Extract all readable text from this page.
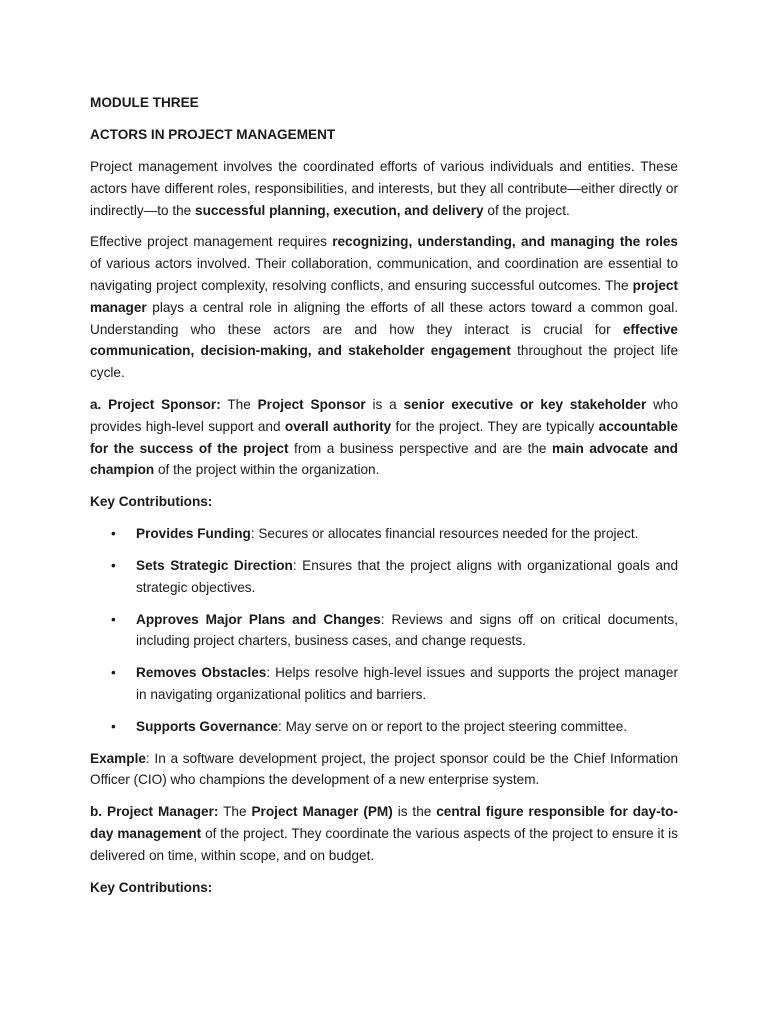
MODULE THREE
ACTORS IN PROJECT MANAGEMENT

Project management involves the coordinated efforts of various individuals and entities. These actors have different roles, responsibilities, and interests, but they all contribute—either directly or indirectly—to the successful planning, execution, and delivery of the project.

Effective project management requires recognizing, understanding, and managing the roles of various actors involved. Their collaboration, communication, and coordination are essential to navigating project complexity, resolving conflicts, and ensuring successful outcomes. The project manager plays a central role in aligning the efforts of all these actors toward a common goal. Understanding who these actors are and how they interact is crucial for effective communication, decision-making, and stakeholder engagement throughout the project life cycle.

a. Project Sponsor: The Project Sponsor is a senior executive or key stakeholder who provides high-level support and overall authority for the project. They are typically accountable for the success of the project from a business perspective and are the main advocate and champion of the project within the organization.

Key Contributions:
• Provides Funding: Secures or allocates financial resources needed for the project.
• Sets Strategic Direction: Ensures that the project aligns with organizational goals and strategic objectives.
• Approves Major Plans and Changes: Reviews and signs off on critical documents, including project charters, business cases, and change requests.
• Removes Obstacles: Helps resolve high-level issues and supports the project manager in navigating organizational politics and barriers.
• Supports Governance: May serve on or report to the project steering committee.

Example: In a software development project, the project sponsor could be the Chief Information Officer (CIO) who champions the development of a new enterprise system.

b. Project Manager: The Project Manager (PM) is the central figure responsible for day-to-day management of the project. They coordinate the various aspects of the project to ensure it is delivered on time, within scope, and on budget.

Key Contributions:
